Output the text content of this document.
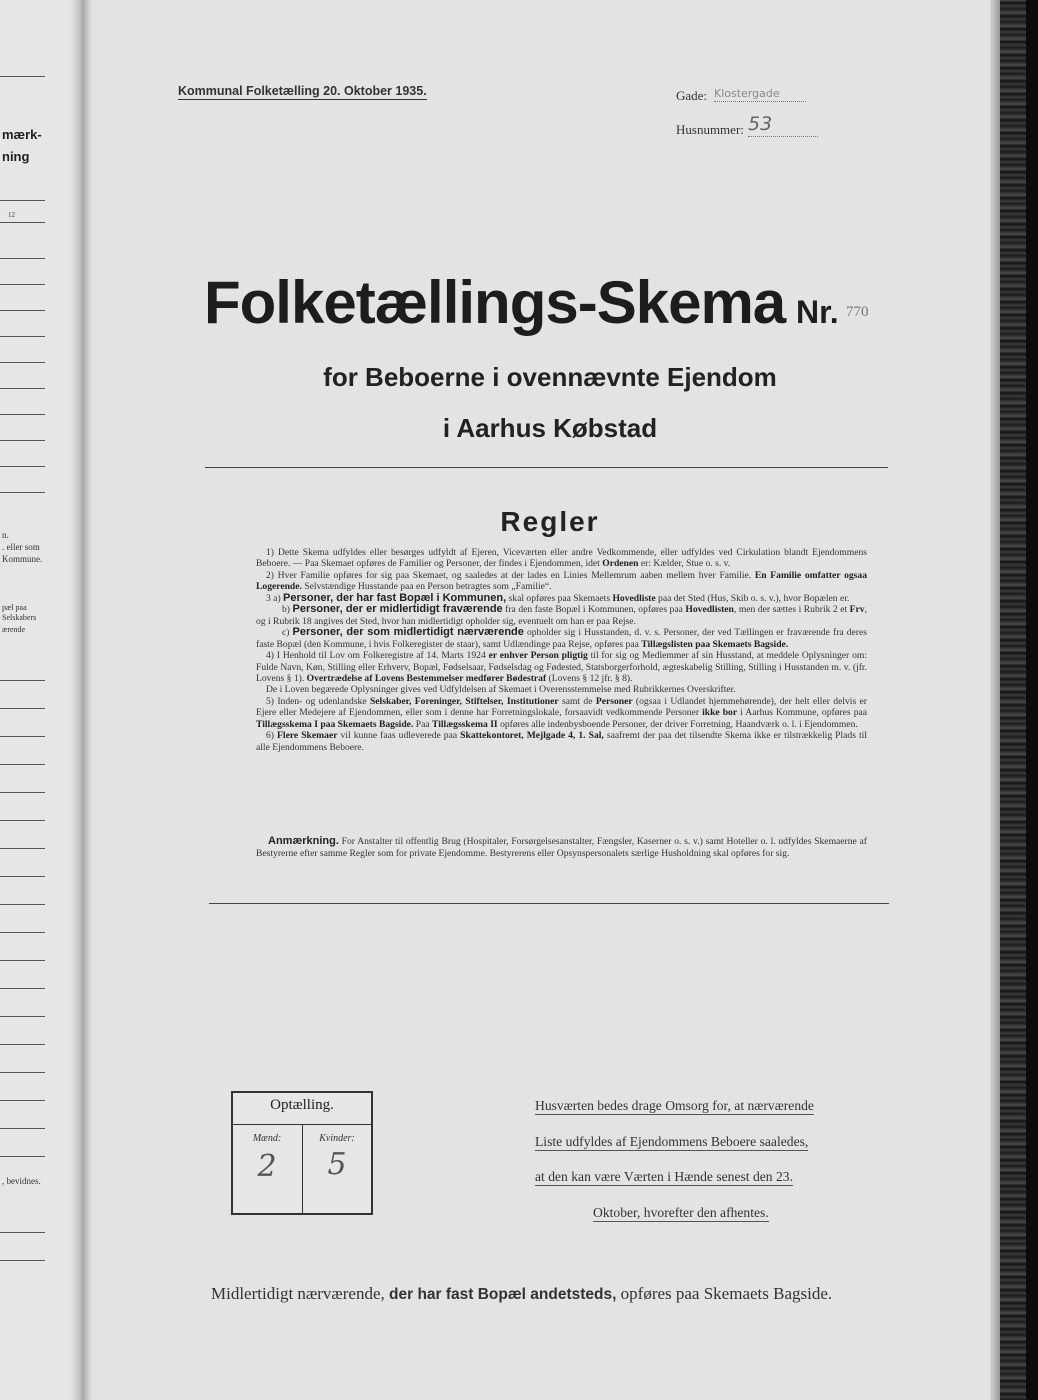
mærk-
ning
12
n.
. eller som
Kommune.
pæl paa
Selskabers
ærende
, bevidnes.
Kommunal Folketælling 20. Oktober 1935.	Gade: Klostergade
Husnummer: 53
Folketællings-Skema Nr. 770
for Beboerne i ovennævnte Ejendom
i Aarhus Købstad
Regler

1) Dette Skema udfyldes eller besørges udfyldt af Ejeren, Viceværten eller andre Vedkommende, eller udfyldes ved Cirkulation blandt Ejendommens Beboere. — Paa Skemaet opføres de Familier og Personer, der findes i Ejendommen, idet Ordenen er: Kælder, Stue o. s. v.

2) Hver Familie opføres for sig paa Skemaet, og saaledes at der lades en Linies Mellemrum aaben mellem hver Familie. En Familie omfatter ogsaa Logerende. Selvstændige Husstande paa en Person betragtes som „Familie“.

3 a) Personer, der har fast Bopæl i Kommunen, skal opføres paa Skemaets Hovedliste paa det Sted (Hus, Skib o. s. v.), hvor Bopælen er.

b) Personer, der er midlertidigt fraværende fra den faste Bopæl i Kommunen, opføres paa Hovedlisten, men der sættes i Rubrik 2 et Frv, og i Rubrik 18 angives det Sted, hvor han midlertidigt opholder sig, eventuelt om han er paa Rejse.

c) Personer, der som midlertidigt nærværende opholder sig i Husstanden, d. v. s. Personer, der ved Tællingen er fraværende fra deres faste Bopæl (den Kommune, i hvis Folkeregister de staar), samt Udlændinge paa Rejse, opføres paa Tillægslisten paa Skemaets Bagside.

4) I Henhold til Lov om Folkeregistre af 14. Marts 1924 er enhver Person pligtig til for sig og Medlemmer af sin Husstand, at meddele Oplysninger om: Fulde Navn, Køn, Stilling eller Erhverv, Bopæl, Fødselsaar, Fødselsdag og Fødested, Statsborgerforhold, ægteskabelig Stilling, Stilling i Husstanden m. v. (jfr. Lovens § 1). Overtrædelse af Lovens Bestemmelser medfører Bødestraf (Lovens § 12 jfr. § 8).

De i Loven begærede Oplysninger gives ved Udfyldelsen af Skemaet i Overensstemmelse med Rubrikkernes Overskrifter.

5) Inden- og udenlandske Selskaber, Foreninger, Stiftelser, Institutioner samt de Personer (ogsaa i Udlandet hjemmehørende), der helt eller delvis er Ejere eller Medejere af Ejendommen, eller som i denne har Forretningslokale, forsaavidt vedkommende Personer ikke bor i Aarhus Kommune, opføres paa Tillægsskema I paa Skemaets Bagside. Paa Tillægsskema II opføres alle indenbysboende Personer, der driver Forretning, Haandværk o. l. i Ejendommen.

6) Flere Skemaer vil kunne faas udleverede paa Skattekontoret, Mejlgade 4, 1. Sal, saafremt der paa det tilsendte Skema ikke er tilstrækkelig Plads til alle Ejendommens Beboere.

Anmærkning. For Anstalter til offentlig Brug (Hospitaler, Forsørgelsesanstalter, Fængsler, Kaserner o. s. v.) samt Hoteller o. l. udfyldes Skemaerne af Bestyrerne efter samme Regler som for private Ejendomme. Bestyrerens eller Opsynspersonalets særlige Husholdning skal opføres for sig.
Optælling.
Mænd:	Kvinder:
2	5
Husværten bedes drage Omsorg for, at nærværende
Liste udfyldes af Ejendommens Beboere saaledes,
at den kan være Værten i Hænde senest den 23.
Oktober, hvorefter den afhentes.
Midlertidigt nærværende, der har fast Bopæl andetsteds, opføres paa Skemaets Bagside.
